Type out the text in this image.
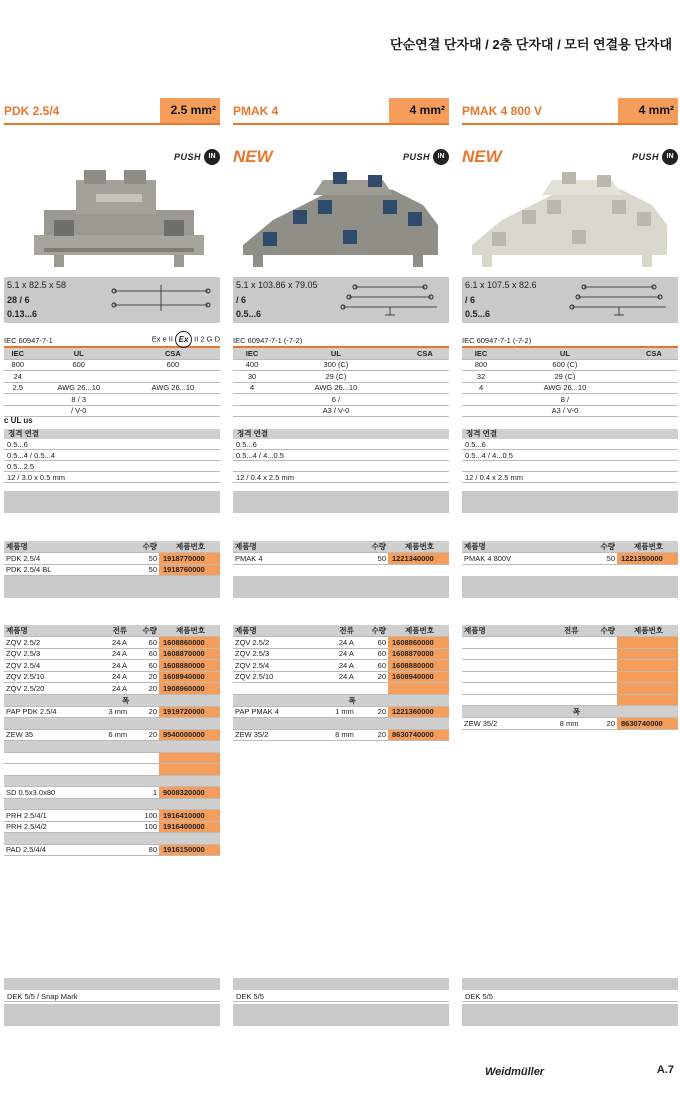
단순연결 단자대 / 2층 단자대 / 모터 연결용 단자대
PDK 2.5/4	2.5 mm²
PUSH IN
5.1 x 82.5 x 58
28 / 6
0.13...6
IEC 60947-7-1	Ex e II Ex II 2 G D
IEC	UL	CSA	
800	600	600	
24			
2.5	AWG 26...10	AWG 26...10	
	8 / 3		
	/ V-0		
c UL us
정격 연결
0.5...6
0.5...4 / 0.5...4
0.5...2.5
12 / 3.0 x 0.5 mm
제품명		수량	제품번호
PDK 2.5/4		50	1918770000
PDK 2.5/4 BL		50	1918760000
제품명	전류	수량	제품번호
ZQV 2.5/2	24 A	60	1608860000
ZQV 2.5/3	24 A	60	1608870000
ZQV 2.5/4	24 A	60	1608880000
ZQV 2.5/10	24 A	20	1608940000
ZQV 2.5/20	24 A	20	1908960000
	폭		
PAP PDK 2.5/4	3 mm	20	1919720000

ZEW 35	6 mm	20	9540000000

SD 0.5x3.0x80		1	9008320000

PRH 2.5/4/1		100	1916410000
PRH 2.5/4/2		100	1916400000

PAD 2.5/4/4		80	1916150000
DEK 5/5 / Snap Mark
PMAK 4	4 mm²
NEW	PUSH IN
5.1 x 103.86 x 79.05
/ 6
0.5...6
IEC 60947-7-1 (-7-2)
IEC	UL	CSA	
400	300 (C)		
30	29 (C)		
4	AWG 26...10		
	6 /		
	A3 / V-0		
정격 연결
0.5...6
0.5...4 / 4...0.5
12 / 0.4 x 2.5 mm
제품명		수량	제품번호
PMAK 4		50	1221340000
제품명	전류	수량	제품번호
ZQV 2.5/2	24 A	60	1608860000
ZQV 2.5/3	24 A	60	1608870000
ZQV 2.5/4	24 A	60	1608880000
ZQV 2.5/10	24 A	20	1608940000

	폭		
PAP PMAK 4	1 mm	20	1221360000

ZEW 35/2	8 mm	20	8630740000
DEK 5/5
PMAK 4 800 V	4 mm²
NEW	PUSH IN
6.1 x 107.5 x 82.6
/ 6
0.5...6
IEC 60947-7-1 (-7-2)
IEC	UL	CSA	
800	600 (C)		
32	29 (C)		
4	AWG 26...10		
	8 /		
	A3 / V-0		
정격 연결
0.5...6
0.5...4 / 4...0.5
12 / 0.4 x 2.5 mm
제품명		수량	제품번호
PMAK 4 800V		50	1221350000
제품명	전류	수량	제품번호

	폭		
ZEW 35/2	8 mm	20	8630740000
DEK 5/5
Weidmüller	A.7
